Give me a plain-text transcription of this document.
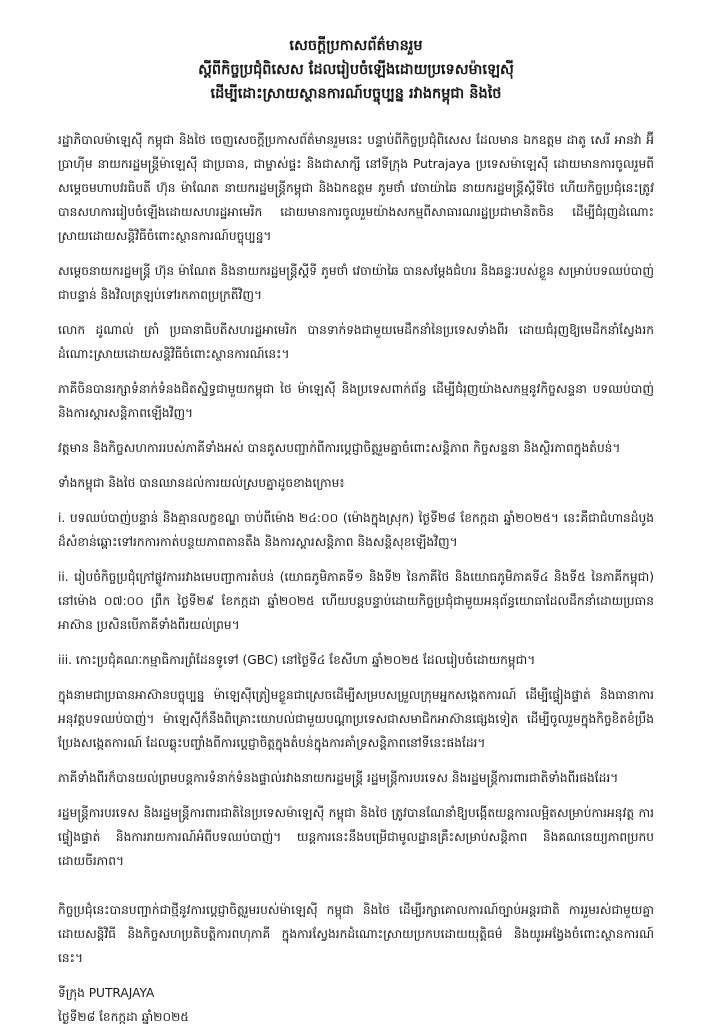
សេចក្តីប្រកាសព័ត៌មានរួម
ស្តីពីកិច្ចប្រជុំពិសេស ដែលរៀបចំឡើងដោយប្រទេសម៉ាឡេស៊ី
ដើម្បីដោះស្រាយស្ថានការណ៍បច្ចុប្បន្ន រវាងកម្ពុជា និងថៃ

រដ្ឋាភិបាលម៉ាឡេស៊ី កម្ពុជា និងថៃ ចេញសេចក្តីប្រកាសព័ត៌មានរួមនេះ បន្ទាប់ពីកិច្ចប្រជុំពិសេស ដែលមាន ឯកឧត្តម ដាតូ សេរី អានវ៉ា អ៊ីប្រាហ៊ីម នាយករដ្ឋមន្ត្រីម៉ាឡេស៊ី ជាប្រធាន, ជាម្ចាស់ផ្ទះ និងជាសាក្សី នៅទីក្រុង Putrajaya ប្រទេសម៉ាឡេស៊ី ដោយមានការចូលរួមពី សម្តេចមហាបវរធិបតី ហ៊ុន ម៉ាណែត នាយករដ្ឋមន្ត្រីកម្ពុជា និងឯកឧត្តម ភូមថាំ វេចាយ៉ាឆៃ នាយករដ្ឋមន្ត្រីស្តីទីថៃ ហើយកិច្ចប្រជុំនេះត្រូវបានសហការរៀបចំឡើងដោយសហរដ្ឋអាមេរិក ដោយមានការចូលរួមយ៉ាងសកម្មពីសាធារណរដ្ឋប្រជាមានិតចិន ដើម្បីជំរុញដំណោះស្រាយដោយសន្តិវិធីចំពោះស្ថានការណ៍បច្ចុប្បន្ន។

សម្តេចនាយករដ្ឋមន្ត្រី ហ៊ុន ម៉ាណែត និងនាយករដ្ឋមន្ត្រីស្តីទី ភូមថាំ វេចាយ៉ាឆៃ បានសម្តែងជំហរ និងឆន្ទៈរបស់ខ្លួន សម្រាប់បទឈប់បាញ់ជាបន្ទាន់ និងវិលត្រឡប់ទៅរកភាពប្រក្រតីវិញ។

លោក ដូណាល់ ត្រាំ ប្រធានាធិបតីសហរដ្ឋអាមេរិក បានទាក់ទងជាមួយមេដឹកនាំនៃប្រទេសទាំងពីរ ដោយជំរុញឱ្យមេដឹកនាំស្វែងរកដំណោះស្រាយដោយសន្តិវិធីចំពោះស្ថានការណ៍នេះ។

ភាគីចិនបានរក្សាទំនាក់ទំនងជិតស្និទ្ធជាមួយកម្ពុជា ថៃ ម៉ាឡេស៊ី និងប្រទេសពាក់ព័ន្ធ ដើម្បីជំរុញយ៉ាងសកម្មនូវកិច្ចសន្ទនា បទឈប់បាញ់ និងការស្តារសន្តិភាពឡើងវិញ។

វត្តមាន និងកិច្ចសហការរបស់ភាគីទាំងអស់ បានគូសបញ្ជាក់ពីការប្តេជ្ញាចិត្តរួមគ្នាចំពោះសន្តិភាព កិច្ចសន្ទនា និងស្ថិរភាពក្នុងតំបន់។

ទាំងកម្ពុជា និងថៃ បានឈានដល់ការយល់ស្របគ្នាដូចខាងក្រោម៖

i. បទឈប់បាញ់បន្ទាន់ និងគ្មានលក្ខខណ្ឌ ចាប់ពីម៉ោង ២៤:០០ (ម៉ោងក្នុងស្រុក) ថ្ងៃទី២៨ ខែកក្កដា ឆ្នាំ២០២៥។ នេះគឺជាជំហានដំបូងដ៏សំខាន់ឆ្ពោះទៅរកការកាត់បន្ថយភាពតានតឹង និងការស្តារសន្តិភាព និងសន្តិសុខឡើងវិញ។

ii. រៀបចំកិច្ចប្រជុំក្រៅផ្លូវការរវាងមេបញ្ជាការតំបន់ (យោធភូមិភាគទី១ និងទី២ នៃភាគីថៃ និងយោធភូមិភាគទី៤ និងទី៥ នៃភាគីកម្ពុជា) នៅម៉ោង ០៧:០០ ព្រឹក ថ្ងៃទី២៩ ខែកក្កដា ឆ្នាំ២០២៥ ហើយបន្តបន្ទាប់ដោយកិច្ចប្រជុំជាមួយអនុព័ន្ធយោធាដែលដឹកនាំដោយប្រធានអាស៊ាន ប្រសិនបើភាគីទាំងពីរយល់ព្រម។

iii. កោះប្រជុំគណៈកម្មាធិការព្រំដែនទូទៅ (GBC) នៅថ្ងៃទី៤ ខែសីហា ឆ្នាំ២០២៥ ដែលរៀបចំដោយកម្ពុជា។

ក្នុងនាមជាប្រធានអាស៊ានបច្ចុប្បន្ន ម៉ាឡេស៊ីត្រៀមខ្លួនជាស្រេចដើម្បីសម្របសម្រួលក្រុមអ្នកសង្កេតការណ៍ ដើម្បីផ្ទៀងផ្ទាត់ និងធានាការអនុវត្តបទឈប់បាញ់។ ម៉ាឡេស៊ីក៏នឹងពិគ្រោះយោបល់ជាមួយបណ្តាប្រទេសជាសមាជិកអាស៊ានផ្សេងទៀត ដើម្បីចូលរួមក្នុងកិច្ចខិតខំប្រឹងប្រែងសង្កេតការណ៍ ដែលឆ្លុះបញ្ចាំងពីការប្តេជ្ញាចិត្តក្នុងតំបន់ក្នុងការគាំទ្រសន្តិភាពនៅទីនេះផងដែរ។

ភាគីទាំងពីរក៏បានយល់ព្រមបន្តការទំនាក់ទំនងផ្ទាល់រវាងនាយករដ្ឋមន្ត្រី រដ្ឋមន្ត្រីការបរទេស និងរដ្ឋមន្ត្រីការពារជាតិទាំងពីរផងដែរ។

រដ្ឋមន្ត្រីការបរទេស និងរដ្ឋមន្ត្រីការពារជាតិនៃប្រទេសម៉ាឡេស៊ី កម្ពុជា និងថៃ ត្រូវបានណែនាំឱ្យបង្កើតយន្តការលម្អិតសម្រាប់ការអនុវត្ត ការផ្ទៀងផ្ទាត់ និងការរាយការណ៍អំពីបទឈប់បាញ់។ យន្តការនេះនឹងបម្រើជាមូលដ្ឋានគ្រឹះសម្រាប់សន្តិភាព និងគណនេយ្យភាពប្រកបដោយចីរភាព។

កិច្ចប្រជុំនេះបានបញ្ជាក់ជាថ្មីនូវការប្តេជ្ញាចិត្តរួមរបស់ម៉ាឡេស៊ី កម្ពុជា និងថៃ ដើម្បីរក្សាគោលការណ៍ច្បាប់អន្តរជាតិ ការរួមរស់ជាមួយគ្នាដោយសន្តិវិធី និងកិច្ចសហប្រតិបត្តិការពហុភាគី ក្នុងការស្វែងរកដំណោះស្រាយប្រកបដោយយុត្តិធម៌ និងយូរអង្វែងចំពោះស្ថានការណ៍នេះ។

ទីក្រុង PUTRAJAYA
ថ្ងៃទី២៨ ខែកក្កដា ឆ្នាំ២០២៥
